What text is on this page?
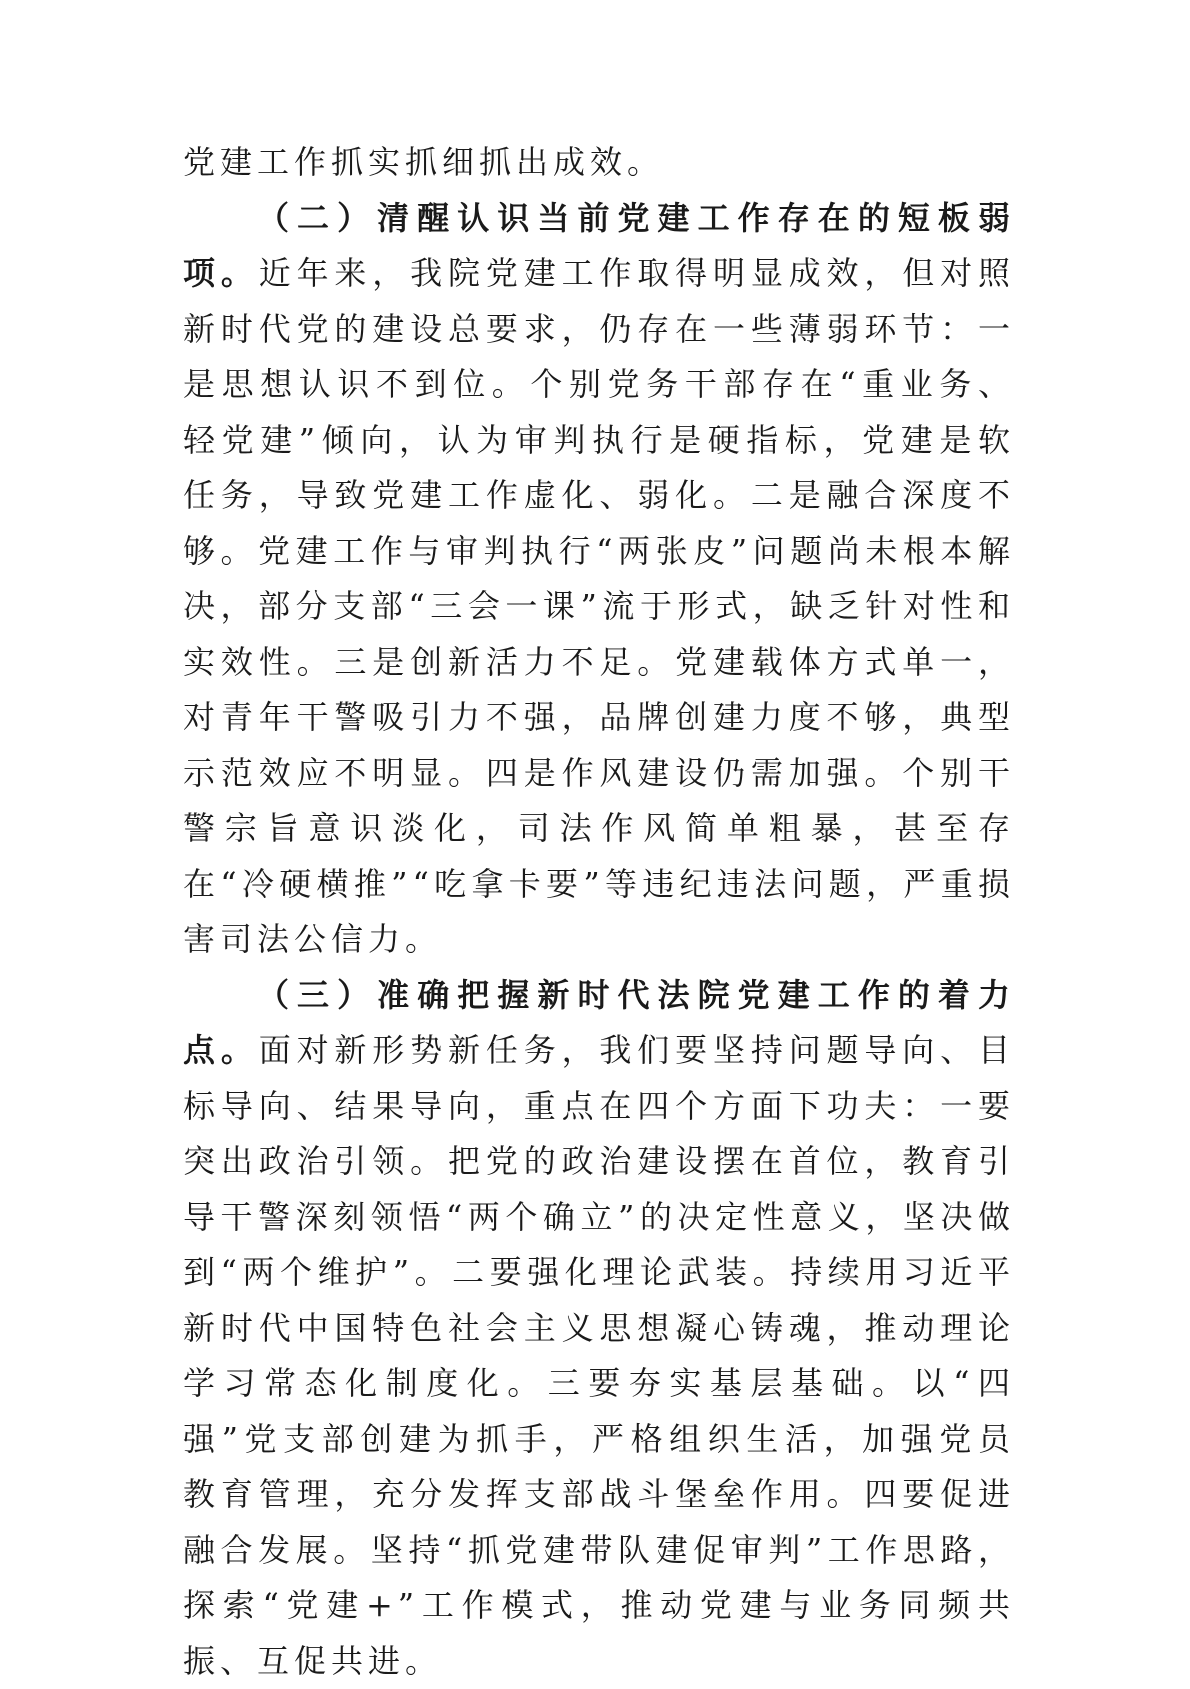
党建工作抓实抓细抓出成效。

（二）清醒认识当前党建工作存在的短板弱项。近年来，我院党建工作取得明显成效，但对照新时代党的建设总要求，仍存在一些薄弱环节：一是思想认识不到位。个别党务干部存在“重业务、轻党建”倾向，认为审判执行是硬指标，党建是软任务，导致党建工作虚化、弱化。二是融合深度不够。党建工作与审判执行“两张皮”问题尚未根本解决，部分支部“三会一课”流于形式，缺乏针对性和实效性。三是创新活力不足。党建载体方式单一，对青年干警吸引力不强，品牌创建力度不够，典型示范效应不明显。四是作风建设仍需加强。个别干警宗旨意识淡化，司法作风简单粗暴，甚至存在“冷硬横推”“吃拿卡要”等违纪违法问题，严重损害司法公信力。

（三）准确把握新时代法院党建工作的着力点。面对新形势新任务，我们要坚持问题导向、目标导向、结果导向，重点在四个方面下功夫：一要突出政治引领。把党的政治建设摆在首位，教育引导干警深刻领悟“两个确立”的决定性意义，坚决做到“两个维护”。二要强化理论武装。持续用习近平新时代中国特色社会主义思想凝心铸魂，推动理论学习常态化制度化。三要夯实基层基础。以“四强”党支部创建为抓手，严格组织生活，加强党员教育管理，充分发挥支部战斗堡垒作用。四要促进融合发展。坚持“抓党建带队建促审判”工作思路，探索“党建+”工作模式，推动党建与业务同频共振、互促共进。
